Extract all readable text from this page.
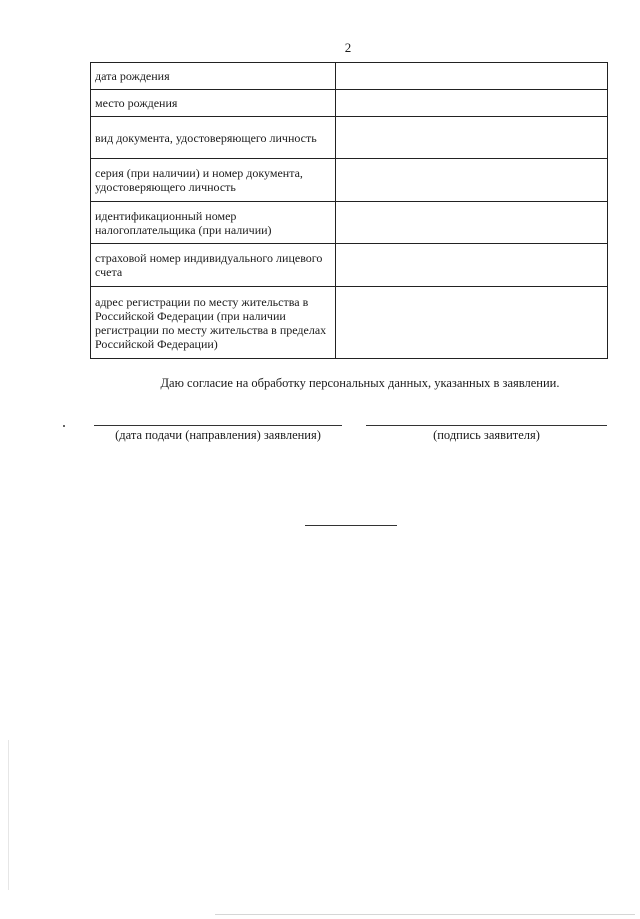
2
дата рождения	
место рождения	
вид документа, удостоверяющего личность	
серия (при наличии) и номер документа, удостоверяющего личность	
идентификационный номер налогоплательщика (при наличии)	
страховой номер индивидуального лицевого счета	
адрес регистрации по месту жительства в Российской Федерации (при наличии регистрации по месту жительства в пределах Российской Федерации)	
Даю согласие на обработку персональных данных, указанных в заявлении.
(дата подачи (направления) заявления)	(подпись заявителя)
